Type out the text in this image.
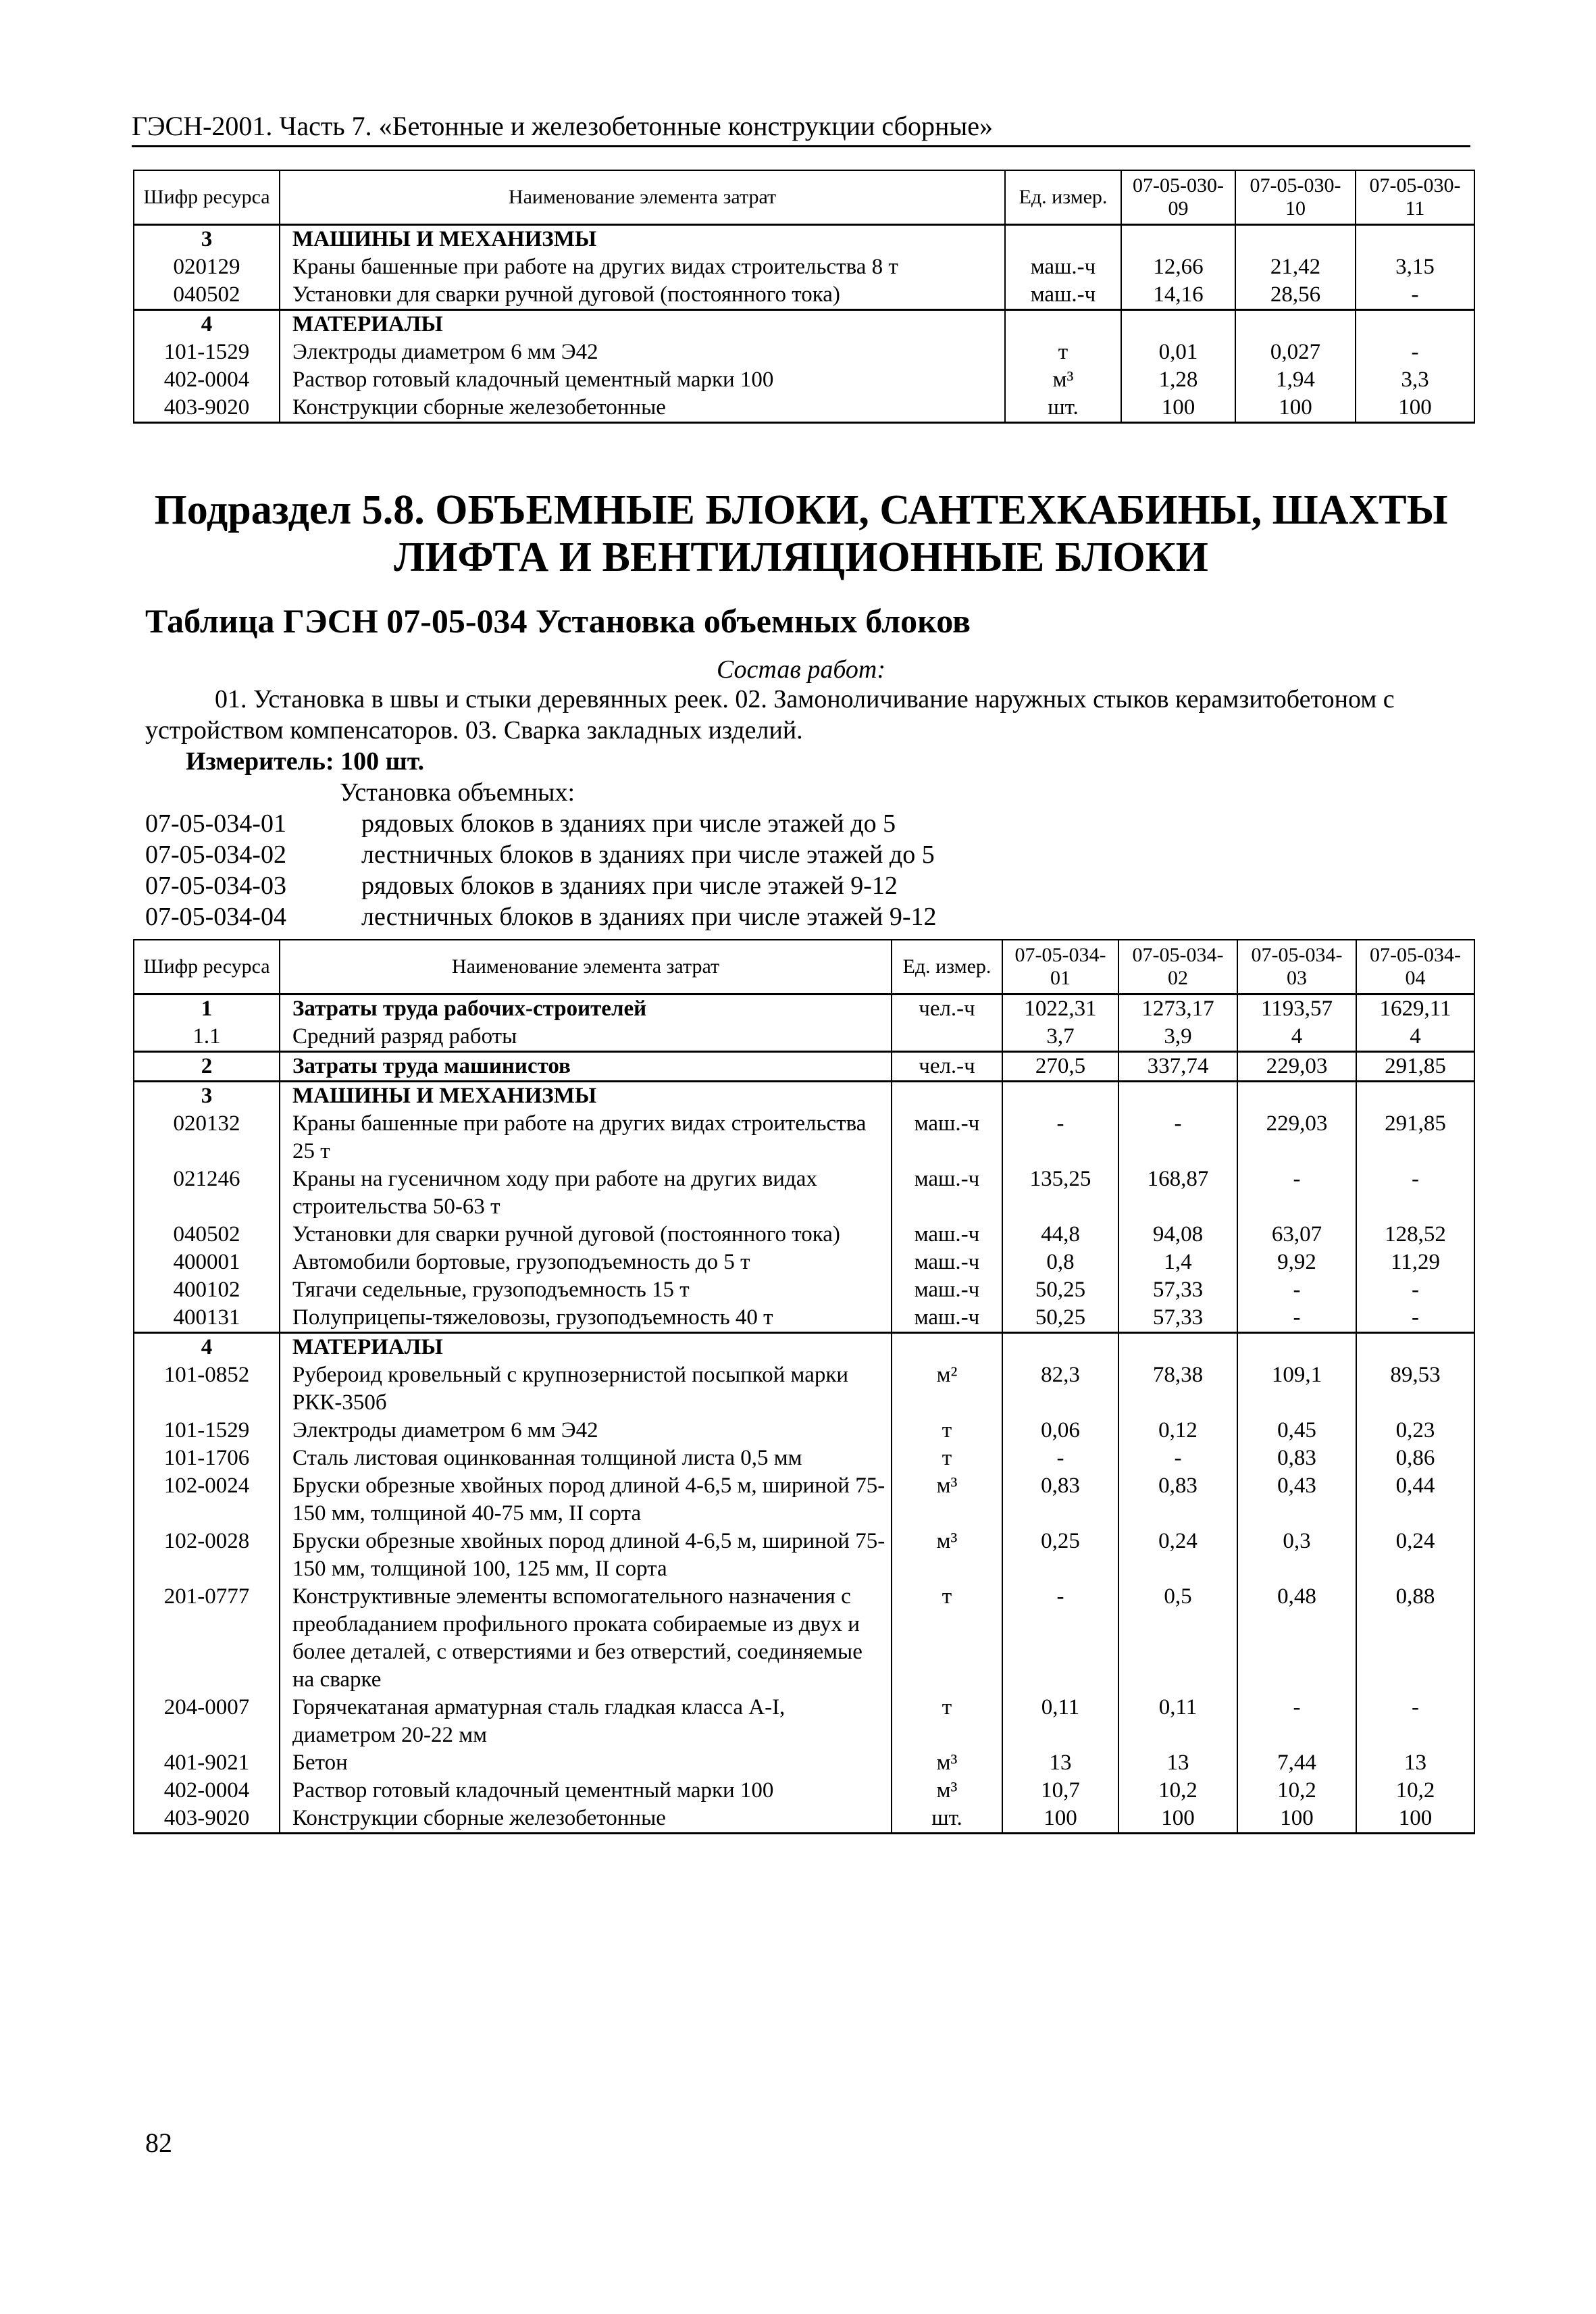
ГЭСН-2001. Часть 7. «Бетонные и железобетонные конструкции сборные»
Шифр ресурса	Наименование элемента затрат	Ед. измер.	07-05-030-09	07-05-030-10	07-05-030-11
3	МАШИНЫ И МЕХАНИЗМЫ				
020129	Краны башенные при работе на других видах строительства 8 т	маш.-ч	12,66	21,42	3,15
040502	Установки для сварки ручной дуговой (постоянного тока)	маш.-ч	14,16	28,56	-
4	МАТЕРИАЛЫ				
101-1529	Электроды диаметром 6 мм Э42	т	0,01	0,027	-
402-0004	Раствор готовый кладочный цементный марки 100	м³	1,28	1,94	3,3
403-9020	Конструкции сборные железобетонные	шт.	100	100	100
Подраздел 5.8. ОБЪЕМНЫЕ БЛОКИ, САНТЕХКАБИНЫ, ШАХТЫ
ЛИФТА И ВЕНТИЛЯЦИОННЫЕ БЛОКИ
Таблица ГЭСН 07-05-034 Установка объемных блоков
Состав работ:
01. Установка в швы и стыки деревянных реек. 02. Замоноличивание наружных стыков керамзитобетоном с устройством компенсаторов. 03. Сварка закладных изделий.
Измеритель: 100 шт.
Установка объемных:
07-05-034-01	рядовых блоков в зданиях при числе этажей до 5
07-05-034-02	лестничных блоков в зданиях при числе этажей до 5
07-05-034-03	рядовых блоков в зданиях при числе этажей 9-12
07-05-034-04	лестничных блоков в зданиях при числе этажей 9-12
Шифр ресурса	Наименование элемента затрат	Ед. измер.	07-05-034-01	07-05-034-02	07-05-034-03	07-05-034-04
1	Затраты труда рабочих-строителей	чел.-ч	1022,31	1273,17	1193,57	1629,11
1.1	Средний разряд работы		3,7	3,9	4	4
2	Затраты труда машинистов	чел.-ч	270,5	337,74	229,03	291,85
3	МАШИНЫ И МЕХАНИЗМЫ					
020132	Краны башенные при работе на других видах строительства 25 т	маш.-ч	-	-	229,03	291,85
021246	Краны на гусеничном ходу при работе на других видах строительства 50-63 т	маш.-ч	135,25	168,87	-	-
040502	Установки для сварки ручной дуговой (постоянного тока)	маш.-ч	44,8	94,08	63,07	128,52
400001	Автомобили бортовые, грузоподъемность до 5 т	маш.-ч	0,8	1,4	9,92	11,29
400102	Тягачи седельные, грузоподъемность 15 т	маш.-ч	50,25	57,33	-	-
400131	Полуприцепы-тяжеловозы, грузоподъемность 40 т	маш.-ч	50,25	57,33	-	-
4	МАТЕРИАЛЫ					
101-0852	Рубероид кровельный с крупнозернистой посыпкой марки РКК-350б	м²	82,3	78,38	109,1	89,53
101-1529	Электроды диаметром 6 мм Э42	т	0,06	0,12	0,45	0,23
101-1706	Сталь листовая оцинкованная толщиной листа 0,5 мм	т	-	-	0,83	0,86
102-0024	Бруски обрезные хвойных пород длиной 4-6,5 м, шириной 75-150 мм, толщиной 40-75 мм, II сорта	м³	0,83	0,83	0,43	0,44
102-0028	Бруски обрезные хвойных пород длиной 4-6,5 м, шириной 75-150 мм, толщиной 100, 125 мм, II сорта	м³	0,25	0,24	0,3	0,24
201-0777	Конструктивные элементы вспомогательного назначения с преобладанием профильного проката собираемые из двух и более деталей, с отверстиями и без отверстий, соединяемые на сварке	т	-	0,5	0,48	0,88
204-0007	Горячекатаная арматурная сталь гладкая класса А-I, диаметром 20-22 мм	т	0,11	0,11	-	-
401-9021	Бетон	м³	13	13	7,44	13
402-0004	Раствор готовый кладочный цементный марки 100	м³	10,7	10,2	10,2	10,2
403-9020	Конструкции сборные железобетонные	шт.	100	100	100	100
82
